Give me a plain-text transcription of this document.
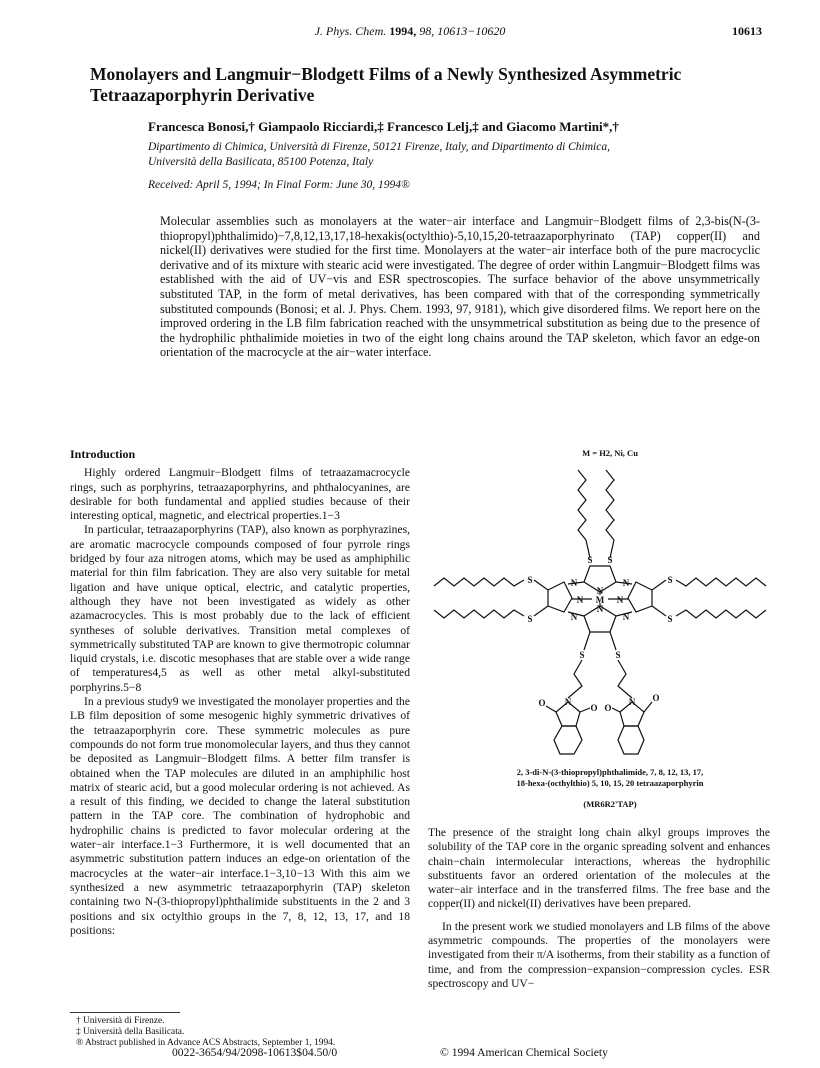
J. Phys. Chem. 1994, 98, 10613−10620	10613
Monolayers and Langmuir−Blodgett Films of a Newly Synthesized Asymmetric Tetraazaporphyrin Derivative
Francesca Bonosi,† Giampaolo Ricciardi,‡ Francesco Lelj,‡ and Giacomo Martini*,†
Dipartimento di Chimica, Università di Firenze, 50121 Firenze, Italy, and Dipartimento di Chimica,
Università della Basilicata, 85100 Potenza, Italy
Received: April 5, 1994; In Final Form: June 30, 1994®
Molecular assemblies such as monolayers at the water−air interface and Langmuir−Blodgett films of 2,3-bis(N-(3-thiopropyl)phthalimido)−7,8,12,13,17,18-hexakis(octylthio)-5,10,15,20-tetraazaporphyrinato (TAP) copper(II) and nickel(II) derivatives were studied for the first time. Monolayers at the water−air interface both of the pure macrocyclic derivative and of its mixture with stearic acid were investigated. The degree of order within Langmuir−Blodgett films was established with the aid of UV−vis and ESR spectroscopies. The surface behavior of the above unsymmetrically substituted TAP, in the form of metal derivatives, has been compared with that of the corresponding symmetrically substituted compounds (Bonosi; et al. J. Phys. Chem. 1993, 97, 9181), which give disordered films. We report here on the improved ordering in the LB film fabrication reached with the unsymmetrical substitution as being due to the presence of the hydrophilic phthalimide moieties in two of the eight long chains around the TAP skeleton, which favor an edge-on orientation of the macrocycle at the air−water interface.
Introduction

Highly ordered Langmuir−Blodgett films of tetraazamacrocycle rings, such as porphyrins, tetraazaporphyrins, and phthalocyanines, are desirable for both fundamental and applied studies because of their interesting optical, magnetic, and electrical properties.1−3

In particular, tetraazaporphyrins (TAP), also known as porphyrazines, are aromatic macrocycle compounds composed of four pyrrole rings bridged by four aza nitrogen atoms, which may be used as amphiphilic material for thin film fabrication. They are also very suitable for metal ligation and have unique optical, electric, and catalytic properties, although they have not been investigated as widely as other azamacrocycles. This is most probably due to the lack of efficient syntheses of soluble derivatives. Transition metal complexes of symmetrically substituted TAP are known to give thermotropic columnar liquid crystals, i.e. discotic mesophases that are stable over a wide range of temperatures4,5 as well as other metal alkyl-substituted porphyrins.5−8

In a previous study9 we investigated the monolayer properties and the LB film deposition of some mesogenic highly symmetric drivatives of the tetraazaporphyrin core. These symmetric molecules as pure compounds do not form true monomolecular layers, and thus they cannot be deposited as Langmuir−Blodgett films. A better film transfer is obtained when the TAP molecules are diluted in an amphiphilic host matrix of stearic acid, but a good molecular ordering is not achieved. As a result of this finding, we decided to change the lateral substitution pattern in the TAP core. The combination of hydrophobic and hydrophilic chains is predicted to favor molecular ordering at the water−air interface.1−3 Furthermore, it is well documented that an asymmetric substitution pattern induces an edge-on orientation of the macrocycles at the water−air interface.1−3,10−13 With this aim we synthesized a new asymmetric tetraazaporphyrin (TAP) skeleton containing two N-(3-thiopropyl)phthalimide substituents in the 2 and 3 positions and six octylthio groups in the 7, 8, 12, 13, 17, and 18 positions:

M = H2, Ni, Cu
S S
S
S
S
S
S	S
N	N
N	N
N
N
N	N
M
N	N
O	O O
O
2, 3-di-N-(3-thiopropyl)phthalimide, 7, 8, 12, 13, 17,
18-hexa-(octhylthio) 5, 10, 15, 20 tetraazaporphyrin
(MR6R2'TAP)

The presence of the straight long chain alkyl groups improves the solubility of the TAP core in the organic spreading solvent and enhances chain−chain intermolecular interactions, whereas the hydrophilic substituents favor an ordered orientation of the molecules at the water−air interface and in the transferred films. The free base and the copper(II) and nickel(II) derivatives have been prepared.

In the present work we studied monolayers and LB films of the above asymmetric compounds. The properties of the monolayers were investigated from their π/A isotherms, from their stability as a function of time, and from the compression−expansion−compression cycles. ESR spectroscopy and UV−

† Università di Firenze.
‡ Università della Basilicata.
® Abstract published in Advance ACS Abstracts, September 1, 1994.
0022-3654/94/2098-10613$04.50/0	© 1994 American Chemical Society
